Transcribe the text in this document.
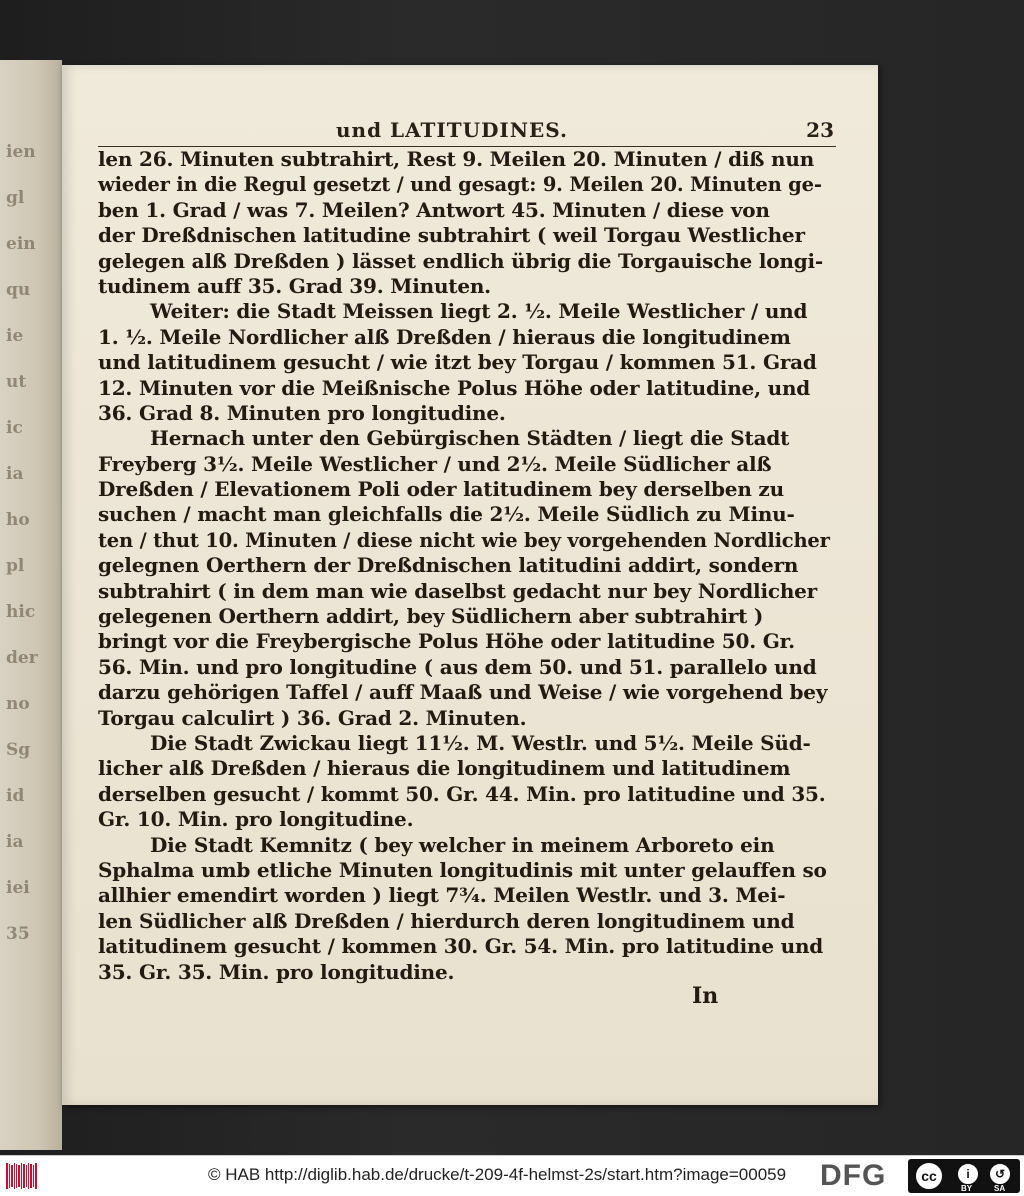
ien
gl
ein
qu
ie
ut
ic
ia
ho
pl
hic
der
no
Sg
id
ia
iei
35
und LATITUDINES.	23
len 26. Minuten subtrahirt, Rest 9. Meilen 20. Minuten / diß nun
wieder in die Regul gesetzt / und gesagt: 9. Meilen 20. Minuten ge-
ben 1. Grad / was 7. Meilen? Antwort 45. Minuten / diese von
der Dreßdnischen latitudine subtrahirt ( weil Torgau Westlicher
gelegen alß Dreßden ) lässet endlich übrig die Torgauische longi-
tudinem auff 35. Grad 39. Minuten.
Weiter: die Stadt Meissen liegt 2. ½. Meile Westlicher / und
1. ½. Meile Nordlicher alß Dreßden / hieraus die longitudinem
und latitudinem gesucht / wie itzt bey Torgau / kommen 51. Grad
12. Minuten vor die Meißnische Polus Höhe oder latitudine, und
36. Grad 8. Minuten pro longitudine.
Hernach unter den Gebürgischen Städten / liegt die Stadt
Freyberg 3½. Meile Westlicher / und 2½. Meile Südlicher alß
Dreßden / Elevationem Poli oder latitudinem bey derselben zu
suchen / macht man gleichfalls die 2½. Meile Südlich zu Minu-
ten / thut 10. Minuten / diese nicht wie bey vorgehenden Nordlicher
gelegnen Oerthern der Dreßdnischen latitudini addirt, sondern
subtrahirt ( in dem man wie daselbst gedacht nur bey Nordlicher
gelegenen Oerthern addirt, bey Südlichern aber subtrahirt )
bringt vor die Freybergische Polus Höhe oder latitudine 50. Gr.
56. Min. und pro longitudine ( aus dem 50. und 51. parallelo und
darzu gehörigen Taffel / auff Maaß und Weise / wie vorgehend bey
Torgau calculirt ) 36. Grad 2. Minuten.
Die Stadt Zwickau liegt 11½. M. Westlr. und 5½. Meile Süd-
licher alß Dreßden / hieraus die longitudinem und latitudinem
derselben gesucht / kommt 50. Gr. 44. Min. pro latitudine und 35.
Gr. 10. Min. pro longitudine.
Die Stadt Kemnitz ( bey welcher in meinem Arboreto ein
Sphalma umb etliche Minuten longitudinis mit unter gelauffen so
allhier emendirt worden ) liegt 7¾. Meilen Westlr. und 3. Mei-
len Südlicher alß Dreßden / hierdurch deren longitudinem und
latitudinem gesucht / kommen 30. Gr. 54. Min. pro latitudine und
35. Gr. 35. Min. pro longitudine.
In
© HAB http://diglib.hab.de/drucke/t-209-4f-helmst-2s/start.htm?image=00059 DFG	cc	i	↺
BY	SA
